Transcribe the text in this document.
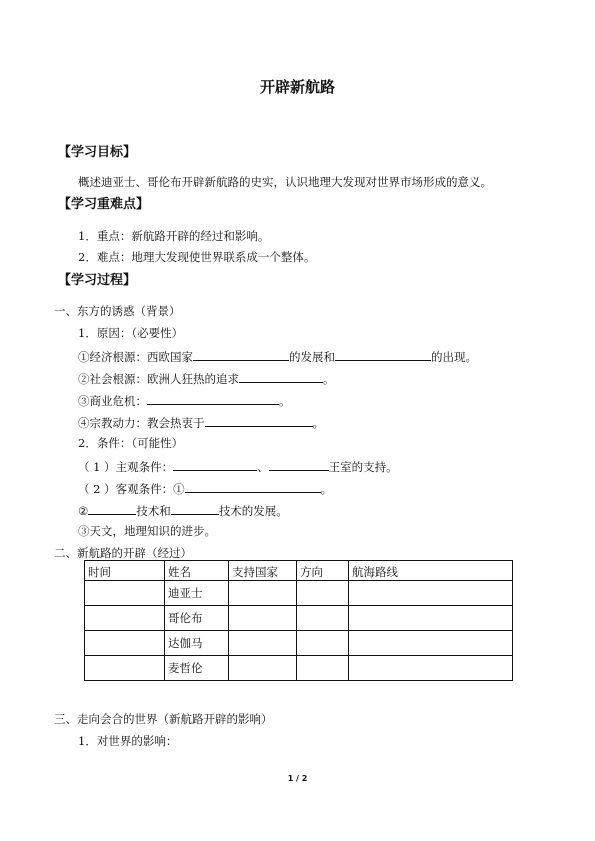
开辟新航路
【学习目标】
概述迪亚士、哥伦布开辟新航路的史实，认识地理大发现对世界市场形成的意义。
【学习重难点】
1．重点：新航路开辟的经过和影响。
2．难点：地理大发现使世界联系成一个整体。
【学习过程】
一、东方的诱惑（背景）
1．原因：（必要性）
①经济根源：西欧国家	的发展和	的出现。
②社会根源：欧洲人狂热的追求	。
③商业危机：	。
④宗教动力：教会热衷于	。
2．条件：（可能性）
（ 1 ）主观条件：	、	王室的支持。
（ 2 ）客观条件：①	。
②	技术和	技术的发展。
③天文，地理知识的进步。
二、新航路的开辟（经过）
时间	姓名	支持国家	方向	航海路线
	迪亚士			
	哥伦布			
	达伽马			
	麦哲伦			
三、走向会合的世界（新航路开辟的影响）
1．对世界的影响：
1 / 2
